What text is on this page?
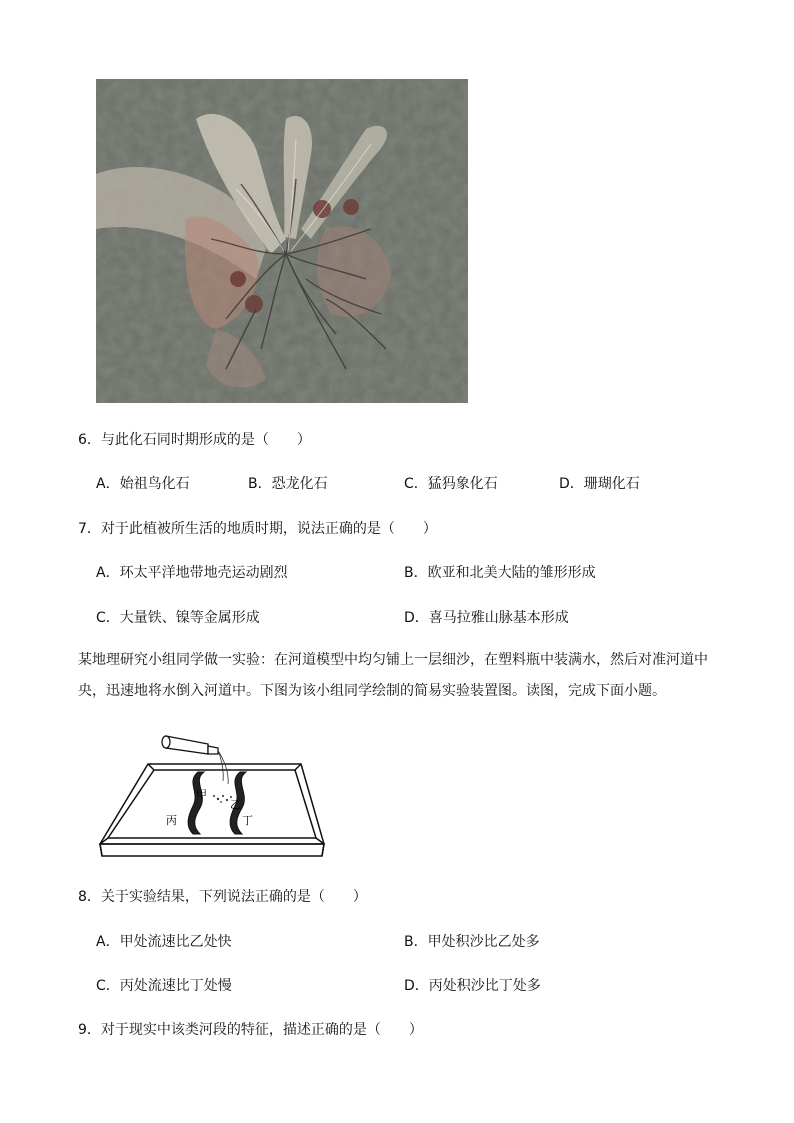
6．与此化石同时期形成的是（　　）
A．始祖鸟化石	B．恐龙化石	C．猛犸象化石	D．珊瑚化石
7．对于此植被所生活的地质时期，说法正确的是（　　）
A．环太平洋地带地壳运动剧烈	B．欧亚和北美大陆的雏形形成
C．大量铁、镍等金属形成	D．喜马拉雅山脉基本形成
某地理研究小组同学做一实验：在河道模型中均匀铺上一层细沙，在塑料瓶中装满水，然后对准河道中央，迅速地将水倒入河道中。下图为该小组同学绘制的简易实验装置图。读图，完成下面小题。
甲
乙
丙	丁
8．关于实验结果，下列说法正确的是（　　）
A．甲处流速比乙处快	B．甲处积沙比乙处多
C．丙处流速比丁处慢	D．丙处积沙比丁处多
9．对于现实中该类河段的特征，描述正确的是（　　）
